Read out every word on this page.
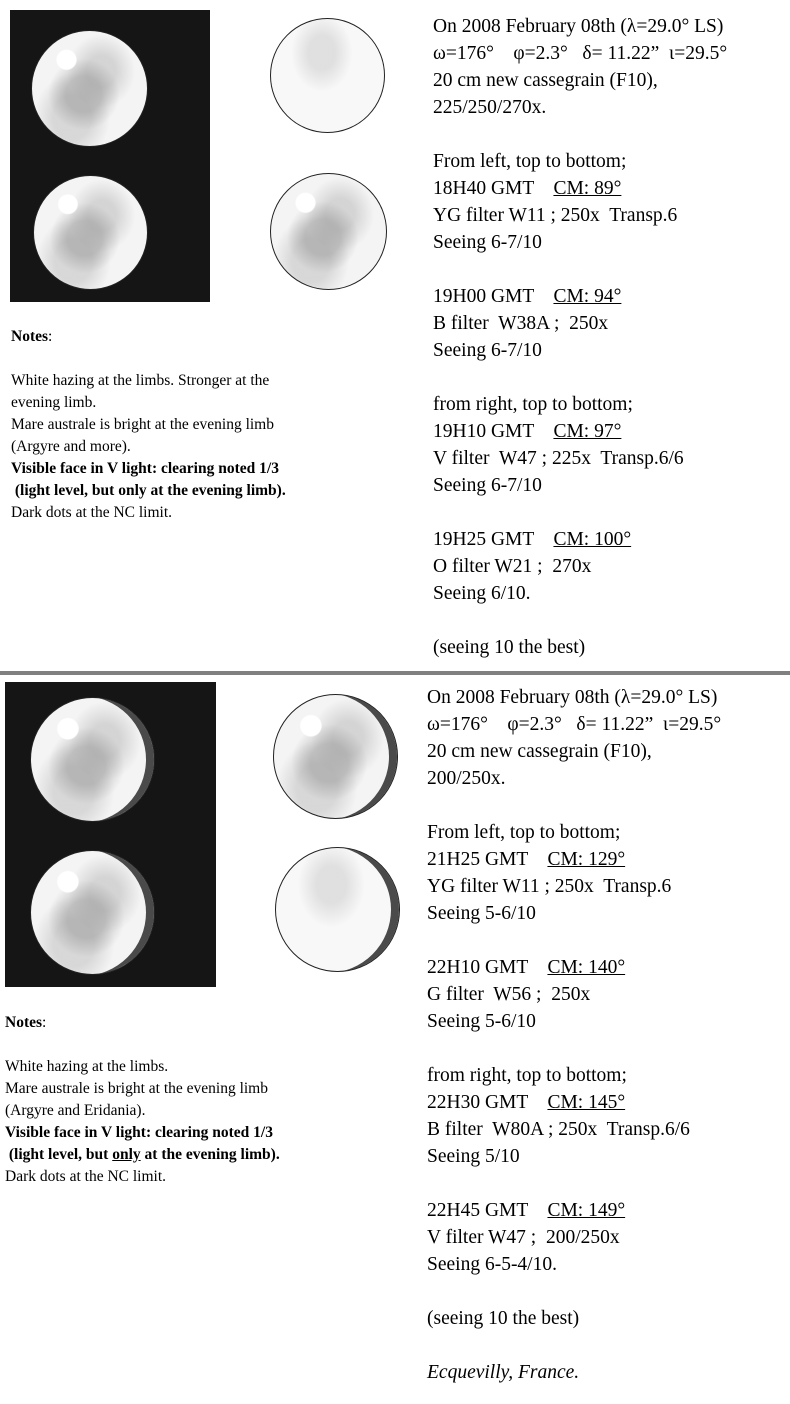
Notes:

White hazing at the limbs. Stronger at the

evening limb.

Mare australe is bright at the evening limb

(Argyre and more).

Visible face in V light: clearing noted 1/3

(light level, but only at the evening limb).

Dark dots at the NC limit.

On 2008 February 08th (λ=29.0° LS)
ω=176°    φ=2.3°   δ= 11.22”  ι=29.5°
20 cm new cassegrain (F10),
225/250/270x.
From left, top to bottom;
18H40 GMT    CM: 89°
YG filter W11 ; 250x  Transp.6
Seeing 6-7/10
19H00 GMT    CM: 94°
B filter  W38A ;  250x
Seeing 6-7/10
from right, top to bottom;
19H10 GMT    CM: 97°
V filter  W47 ; 225x  Transp.6/6
Seeing 6-7/10
19H25 GMT    CM: 100°
O filter W21 ;  270x
Seeing 6/10.
(seeing 10 the best)

Notes:

White hazing at the limbs.

Mare australe is bright at the evening limb

(Argyre and Eridania).

Visible face in V light: clearing noted 1/3

(light level, but only at the evening limb).

Dark dots at the NC limit.

On 2008 February 08th (λ=29.0° LS)
ω=176°    φ=2.3°   δ= 11.22”  ι=29.5°
20 cm new cassegrain (F10),
200/250x.
From left, top to bottom;
21H25 GMT    CM: 129°
YG filter W11 ; 250x  Transp.6
Seeing 5-6/10
22H10 GMT    CM: 140°
G filter  W56 ;  250x
Seeing 5-6/10
from right, top to bottom;
22H30 GMT    CM: 145°
B filter  W80A ; 250x  Transp.6/6
Seeing 5/10
22H45 GMT    CM: 149°
V filter W47 ;  200/250x
Seeing 6-5-4/10.
(seeing 10 the best)
Ecquevilly, France.
